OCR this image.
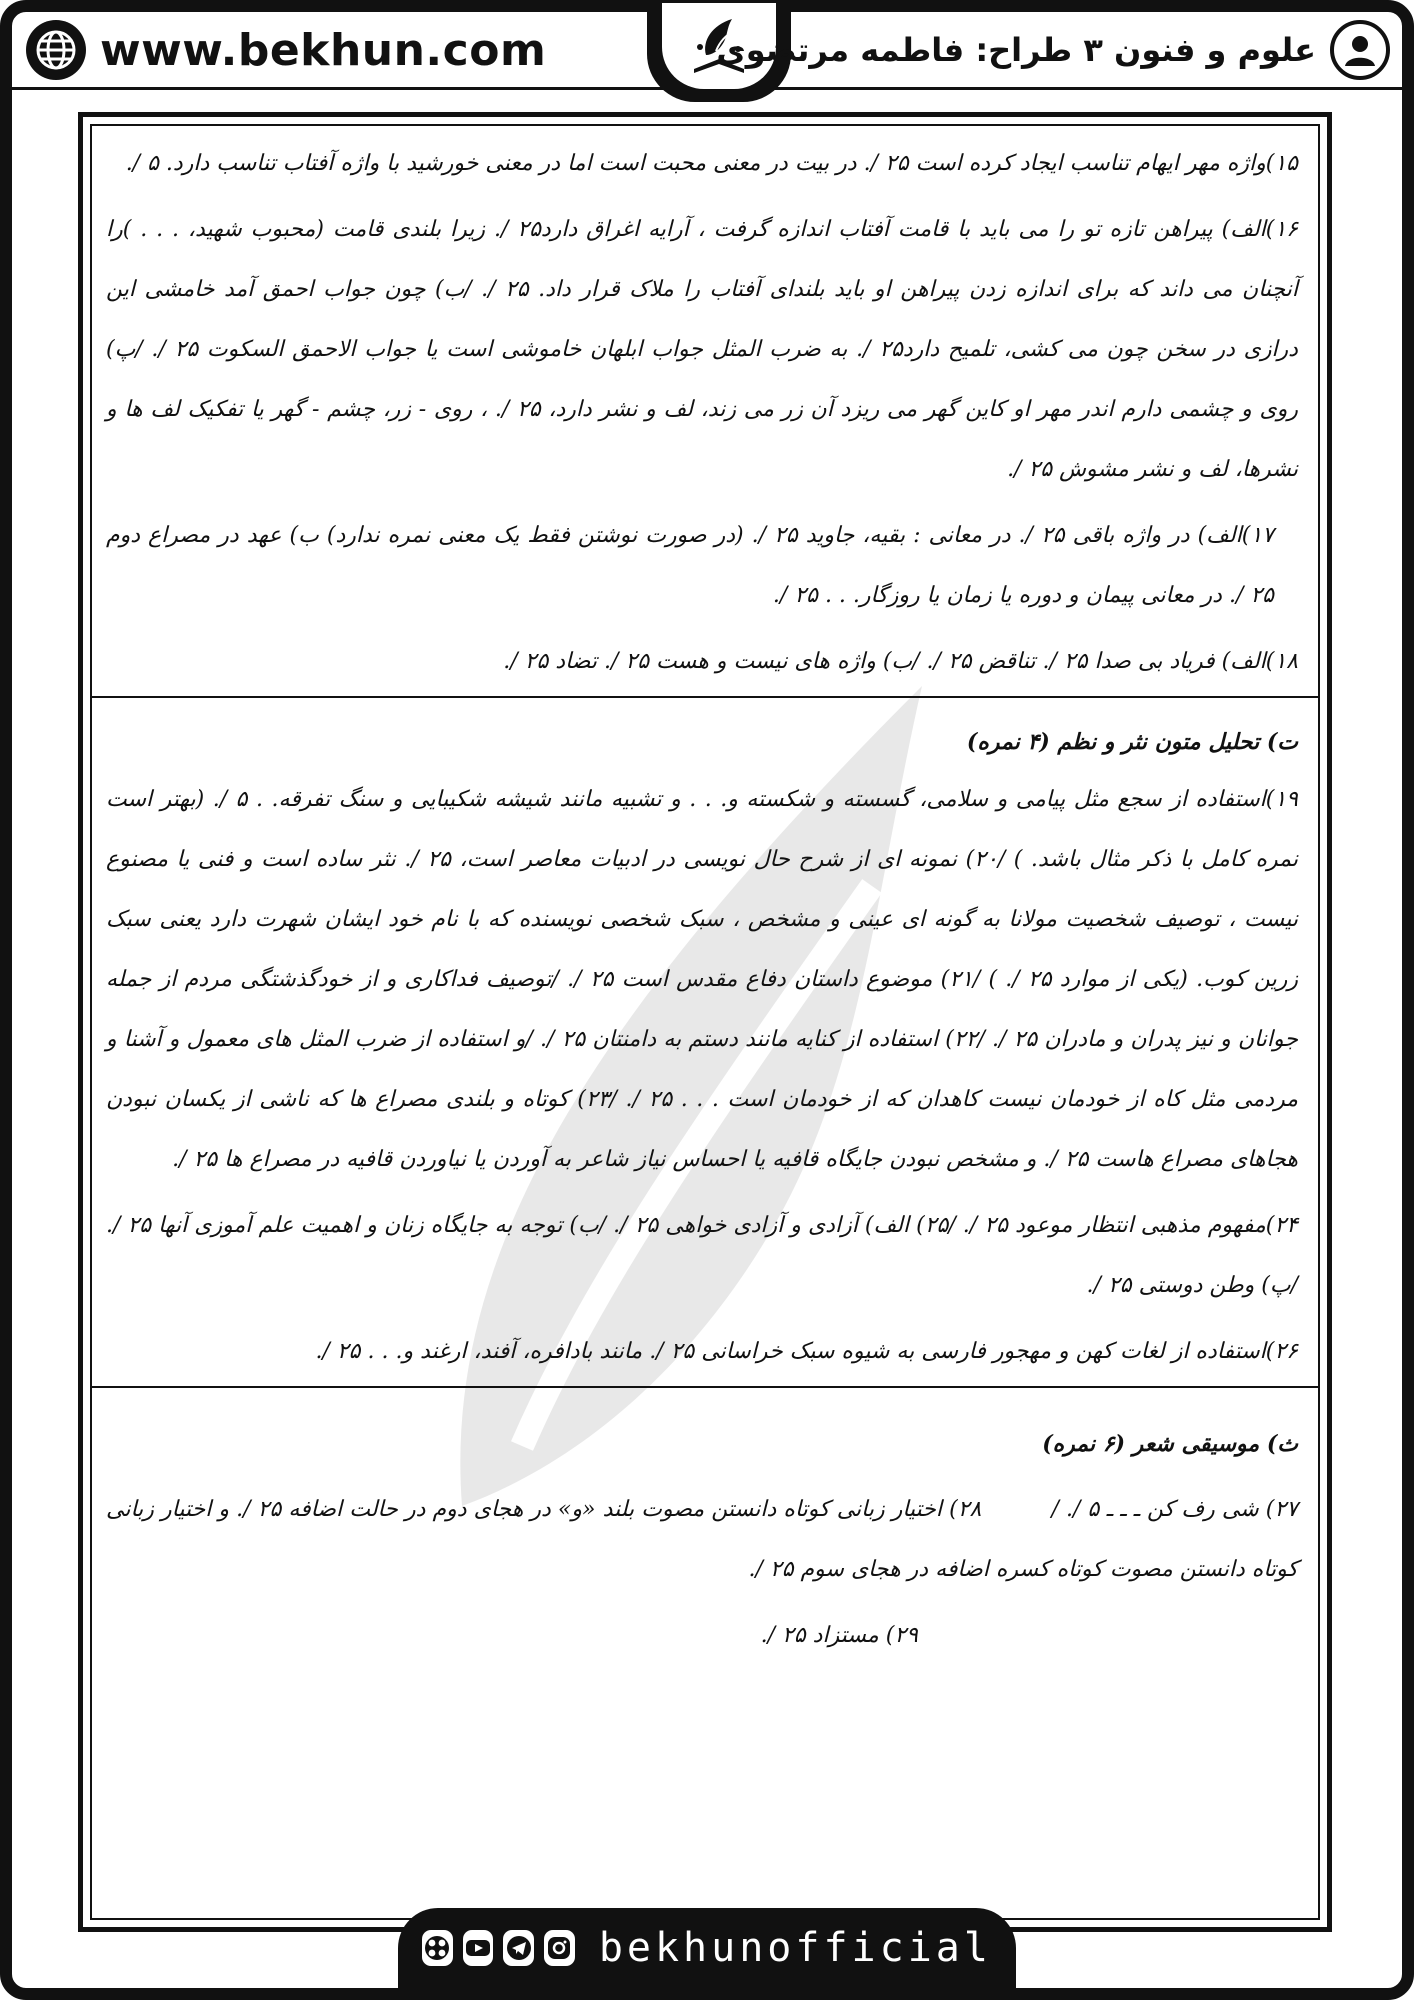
www.bekhun.com	علوم و فنون ۳ طراح: فاطمه مرتضوی

۱۵)واژه مهر ایهام تناسب ایجاد کرده است ۲۵ /. در بیت در معنی محبت است اما در معنی خورشید با واژه آفتاب تناسب دارد. ۵ /.

۱۶)الف) پیراهن تازه تو را می باید با قامت آفتاب اندازه گرفت ، آرایه اغراق دارد۲۵ /. زیرا بلندی قامت (محبوب شهید، . . . )را آنچنان می داند که برای اندازه زدن پیراهن او باید بلندای آفتاب را ملاک قرار داد. ۲۵ /. /ب) چون جواب احمق آمد خامشی این درازی در سخن چون می کشی، تلمیح دارد۲۵ /. به ضرب المثل جواب ابلهان خاموشی است یا جواب الاحمق السکوت ۲۵ /. /پ) روی و چشمی دارم اندر مهر او کاین گهر می ریزد آن زر می زند، لف و نشر دارد، ۲۵ /. ، روی - زر، چشم - گهر یا تفکیک لف ها و نشرها، لف و نشر مشوش ۲۵ /.

۱۷)الف) در واژه باقی ۲۵ /. در معانی : بقیه، جاوید ۲۵ /. (در صورت نوشتن فقط یک معنی نمره ندارد) ب) عهد در مصراع دوم ۲۵ /. در معانی پیمان و دوره یا زمان یا روزگار. . . ۲۵ /.

۱۸)الف) فریاد بی صدا ۲۵ /. تناقض ۲۵ /. /ب) واژه های نیست و هست ۲۵ /. تضاد ۲۵ /.

ت) تحلیل متون نثر و نظم (۴ نمره)

۱۹)استفاده از سجع مثل پیامی و سلامی، گسسته و شکسته و. . . و تشبیه مانند شیشه شکیبایی و سنگ تفرقه. . ۵ /. (بهتر است نمره کامل با ذکر مثال باشد. ) /۲۰) نمونه ای از شرح حال نویسی در ادبیات معاصر است، ۲۵ /. نثر ساده است و فنی یا مصنوع نیست ، توصیف شخصیت مولانا به گونه ای عینی و مشخص ، سبک شخصی نویسنده که با نام خود ایشان شهرت دارد یعنی سبک زرین کوب. (یکی از موارد ۲۵ /. ) /۲۱) موضوع داستان دفاع مقدس است ۲۵ /. /توصیف فداکاری و از خودگذشتگی مردم از جمله جوانان و نیز پدران و مادران ۲۵ /. /۲۲) استفاده از کنایه مانند دستم به دامنتان ۲۵ /. /و استفاده از ضرب المثل های معمول و آشنا و مردمی مثل کاه از خودمان نیست کاهدان که از خودمان است . . . ۲۵ /. /۲۳) کوتاه و بلندی مصراع ها که ناشی از یکسان نبودن هجاهای مصراع هاست ۲۵ /. و مشخص نبودن جایگاه قافیه یا احساس نیاز شاعر به آوردن یا نیاوردن قافیه در مصراع ها ۲۵ /.

۲۴)مفهوم مذهبی انتظار موعود ۲۵ /. /۲۵) الف) آزادی و آزادی خواهی ۲۵ /. /ب) توجه به جایگاه زنان و اهمیت علم آموزی آنها ۲۵ /. /پ) وطن دوستی ۲۵ /.

۲۶)استفاده از لغات کهن و مهجور فارسی به شیوه سبک خراسانی ۲۵ /. مانند بادافره، آفند، ارغند و. . . ۲۵ /.

ث) موسیقی شعر (۶ نمره)

۲۷) شی رف کن ـ ـ ـ ۵ /. /  ۲۸) اختیار زبانی کوتاه دانستن مصوت بلند «و» در هجای دوم در حالت اضافه ۲۵ /. و اختیار زبانی کوتاه دانستن مصوت کوتاه کسره اضافه در هجای سوم ۲۵ /.

۲۹) مستزاد ۲۵ /.

bekhunofficial
